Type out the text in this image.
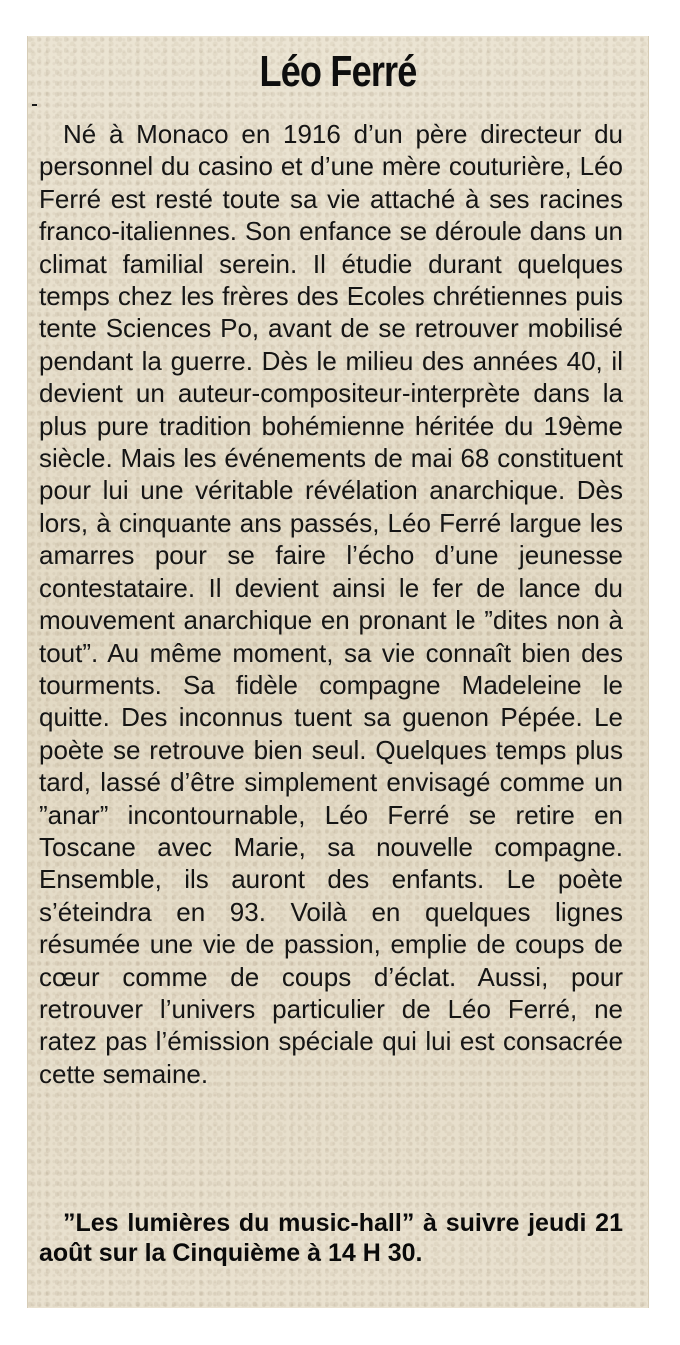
Léo Ferré

Né à Monaco en 1916 d’un père directeur du personnel du casino et d’une mère couturière, Léo Ferré est resté toute sa vie attaché à ses racines franco-italiennes. Son enfance se déroule dans un climat familial serein. Il étudie durant quelques temps chez les frères des Ecoles chrétiennes puis tente Sciences Po, avant de se retrouver mobilisé pendant la guerre. Dès le milieu des années 40, il devient un auteur-compositeur-interprète dans la plus pure tradition bohémienne héritée du 19ème siècle. Mais les événements de mai 68 constituent pour lui une véritable révélation anarchique. Dès lors, à cinquante ans passés, Léo Ferré largue les amarres pour se faire l’écho d’une jeunesse contestataire. Il devient ainsi le fer de lance du mouvement anarchique en pronant le ”dites non à tout”. Au même moment, sa vie connaît bien des tourments. Sa fidèle compagne Madeleine le quitte. Des inconnus tuent sa guenon Pépée. Le poète se retrouve bien seul. Quelques temps plus tard, lassé d’être simplement envisagé comme un ”anar” incontournable, Léo Ferré se retire en Toscane avec Marie, sa nouvelle compagne. Ensemble, ils auront des enfants. Le poète s’éteindra en 93. Voilà en quelques lignes résumée une vie de passion, emplie de coups de cœur comme de coups d’éclat. Aussi, pour retrouver l’univers particulier de Léo Ferré, ne ratez pas l’émission spéciale qui lui est consacrée cette semaine.

”Les lumières du music-hall” à suivre jeudi 21 août sur la Cinquième à 14 H 30.
